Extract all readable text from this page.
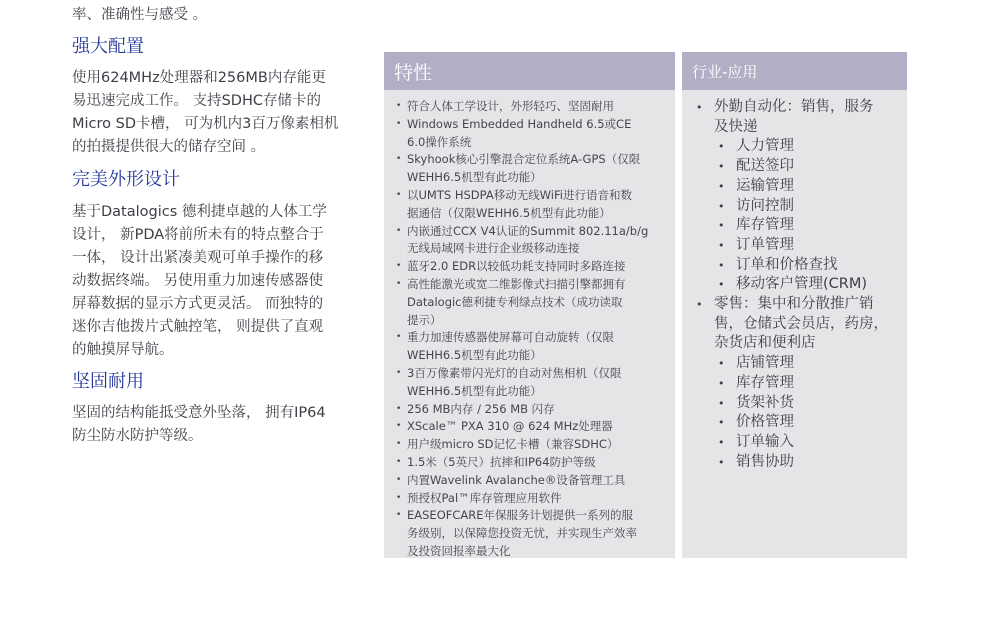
率、准确性与感受 。
强大配置
使用624MHz处理器和256MB内存能更
易迅速完成工作。 支持SDHC存储卡的
Micro SD卡槽， 可为机内3百万像素相机
的拍摄提供很大的储存空间 。
完美外形设计
基于Datalogics 德利捷卓越的人体工学
设计， 新PDA将前所未有的特点整合于
一体， 设计出紧凑美观可单手操作的移
动数据终端。 另使用重力加速传感器使
屏幕数据的显示方式更灵活。 而独特的
迷你吉他拨片式触控笔， 则提供了直观
的触摸屏导航。
坚固耐用
坚固的结构能抵受意外坠落， 拥有IP64
防尘防水防护等级。
特性
• 符合人体工学设计，外形轻巧、坚固耐用
• Windows Embedded Handheld 6.5或CE
6.0操作系统
• Skyhook核心引擎混合定位系统A-GPS（仅限
WEHH6.5机型有此功能）
• 以UMTS HSDPA移动无线WiFi进行语音和数
据通信（仅限WEHH6.5机型有此功能）
• 内嵌通过CCX V4认证的Summit 802.11a/b/g
无线局域网卡进行企业级移动连接
• 蓝牙2.0 EDR以较低功耗支持同时多路连接
• 高性能激光或宽二维影像式扫描引擎都拥有
Datalogic德利捷专利绿点技术（成功读取
提示）
• 重力加速传感器使屏幕可自动旋转（仅限
WEHH6.5机型有此功能）
• 3百万像素带闪光灯的自动对焦相机（仅限
WEHH6.5机型有此功能）
• 256 MB内存 / 256 MB 闪存
• XScale™ PXA 310 @ 624 MHz处理器
• 用户级micro SD记忆卡槽（兼容SDHC）
• 1.5米（5英尺）抗摔和IP64防护等级
• 内置Wavelink Avalanche®设备管理工具
• 预授权Pal™库存管理应用软件
• EASEOFCARE年保服务计划提供一系列的服
务级别，以保障您投资无忧，并实现生产效率
及投资回报率最大化
行业-应用
• 外勤自动化：销售，服务
及快递
• 人力管理
• 配送签印
• 运输管理
• 访问控制
• 库存管理
• 订单管理
• 订单和价格查找
• 移动客户管理(CRM)
• 零售：集中和分散推广销
售，仓储式会员店，药房，
杂货店和便利店
• 店铺管理
• 库存管理
• 货架补货
• 价格管理
• 订单输入
• 销售协助
